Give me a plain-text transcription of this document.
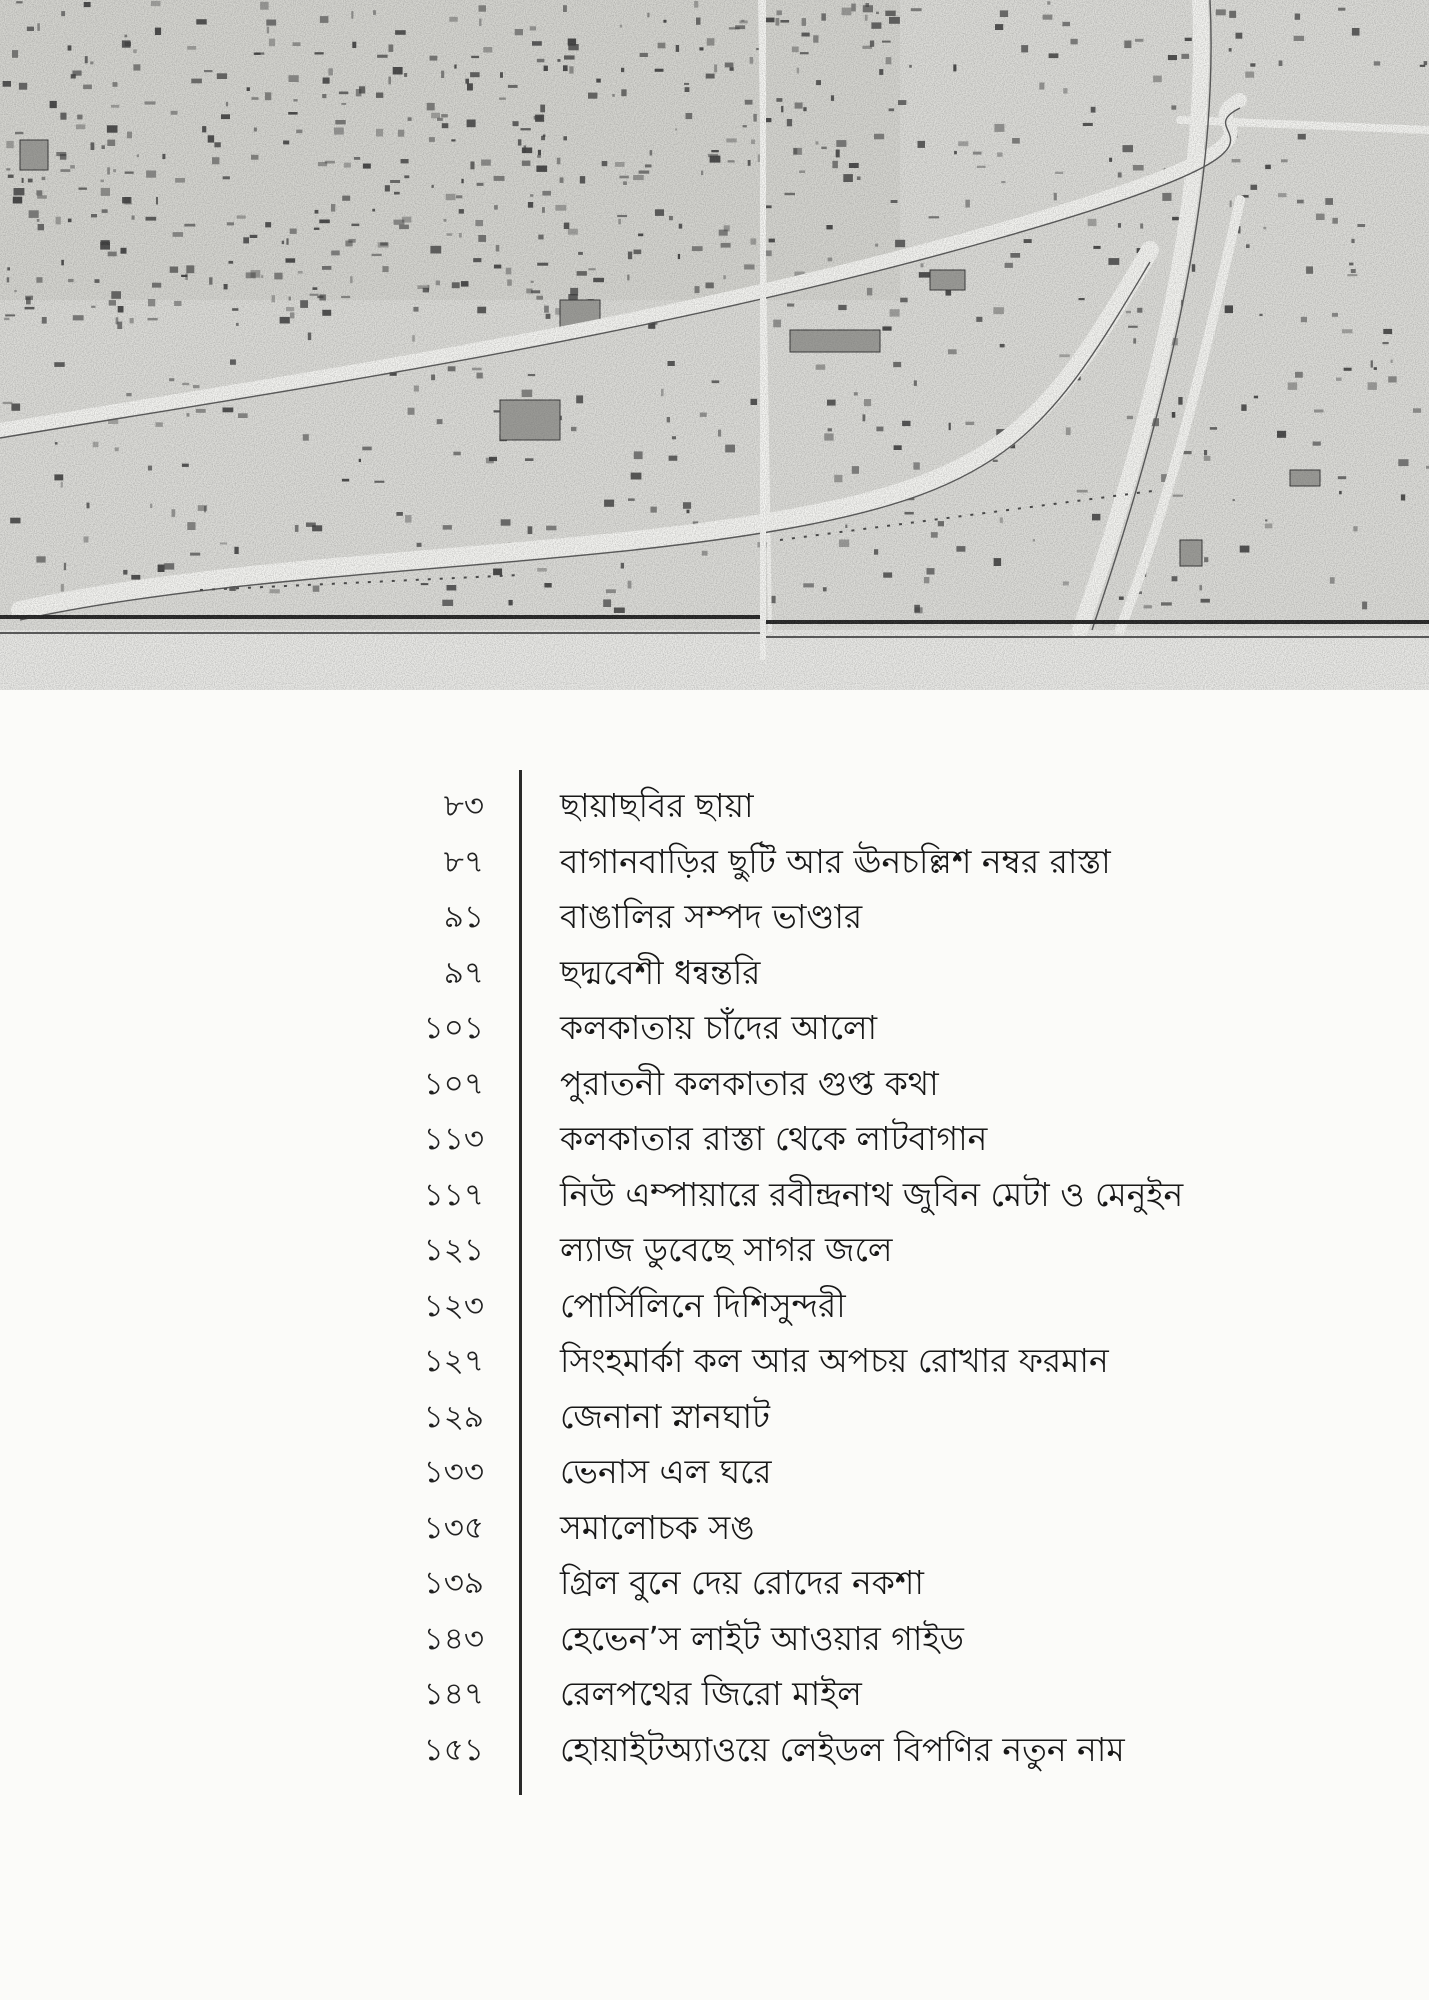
৮৩ ছায়াছবির ছায়া
৮৭ বাগানবাড়ির ছুটি আর ঊনচল্লিশ নম্বর রাস্তা
৯১ বাঙালির সম্পদ ভাণ্ডার
৯৭ ছদ্মবেশী ধন্বন্তরি
১০১ কলকাতায় চাঁদের আলো
১০৭ পুরাতনী কলকাতার গুপ্ত কথা
১১৩ কলকাতার রাস্তা থেকে লাটবাগান
১১৭ নিউ এম্পায়ারে রবীন্দ্রনাথ জুবিন মেটা ও মেনুইন
১২১ ল্যাজ ডুবেছে সাগর জলে
১২৩ পোর্সিলিনে দিশিসুন্দরী
১২৭ সিংহমার্কা কল আর অপচয় রোখার ফরমান
১২৯ জেনানা স্নানঘাট
১৩৩ ভেনাস এল ঘরে
১৩৫ সমালোচক সঙ
১৩৯ গ্রিল বুনে দেয় রোদের নকশা
১৪৩ হেভেন’স লাইট আওয়ার গাইড
১৪৭ রেলপথের জিরো মাইল
১৫১ হোয়াইটঅ্যাওয়ে লেইডল বিপণির নতুন নাম
